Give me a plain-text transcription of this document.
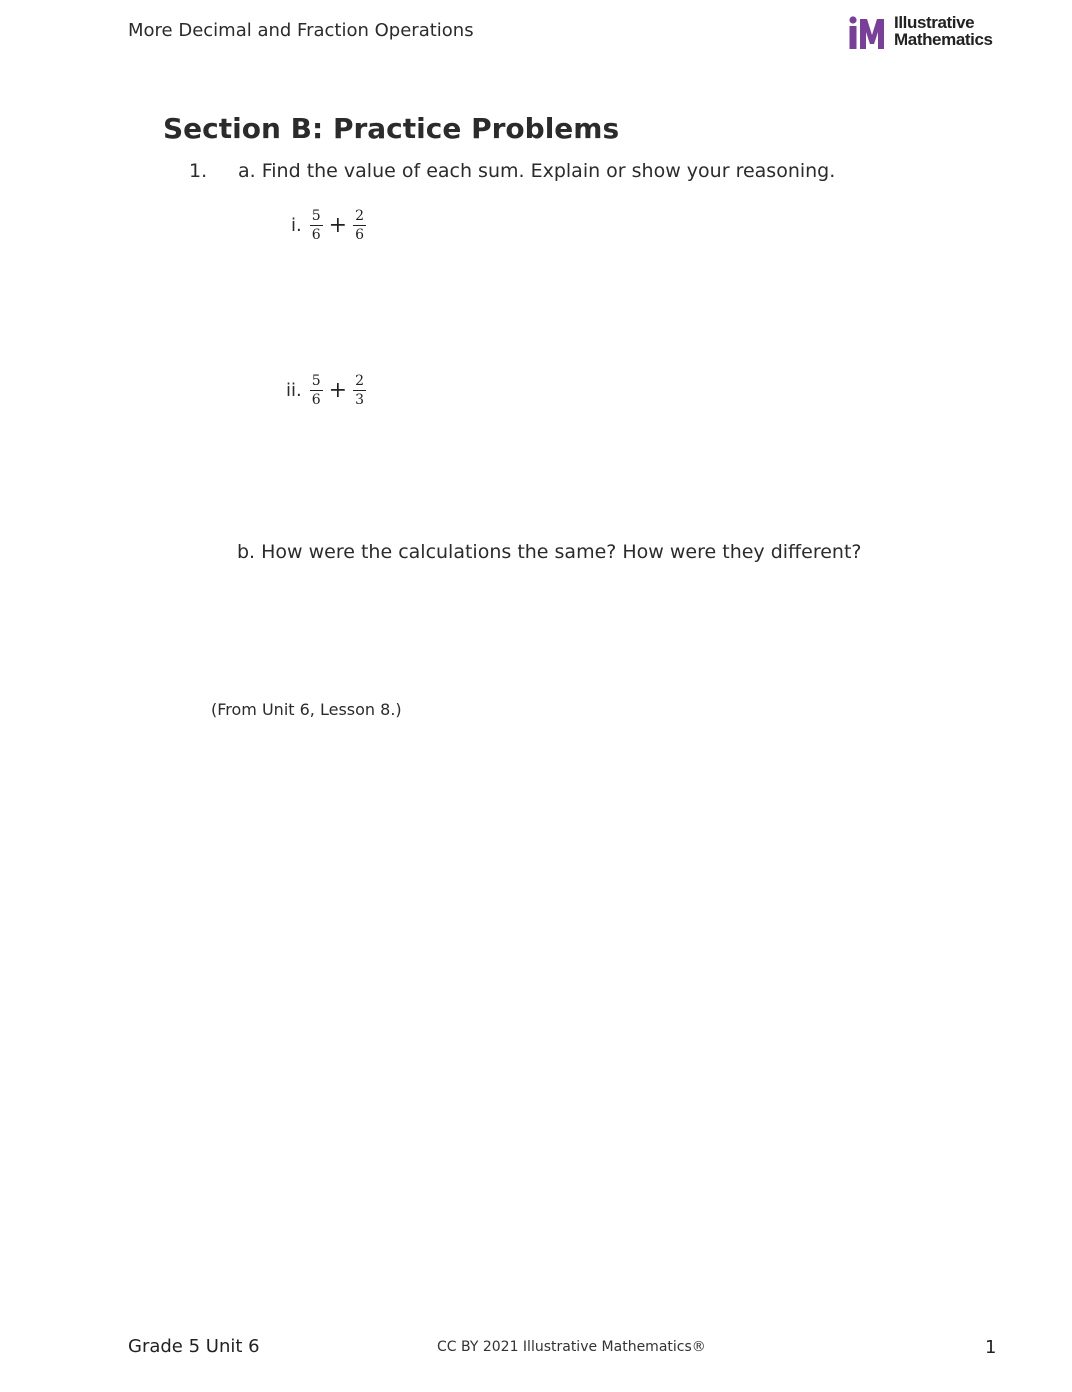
More Decimal and Fraction Operations	Illustrative
Mathematics
Section B: Practice Problems
1. a. Find the value of each sum. Explain or show your reasoning.
i. $\frac{5}{6} + \frac{2}{6}$
ii. $\frac{5}{6} + \frac{2}{3}$
b. How were the calculations the same? How were they different?
(From Unit 6, Lesson 8.)
Grade 5 Unit 6	CC BY 2021 Illustrative Mathematics®	1
